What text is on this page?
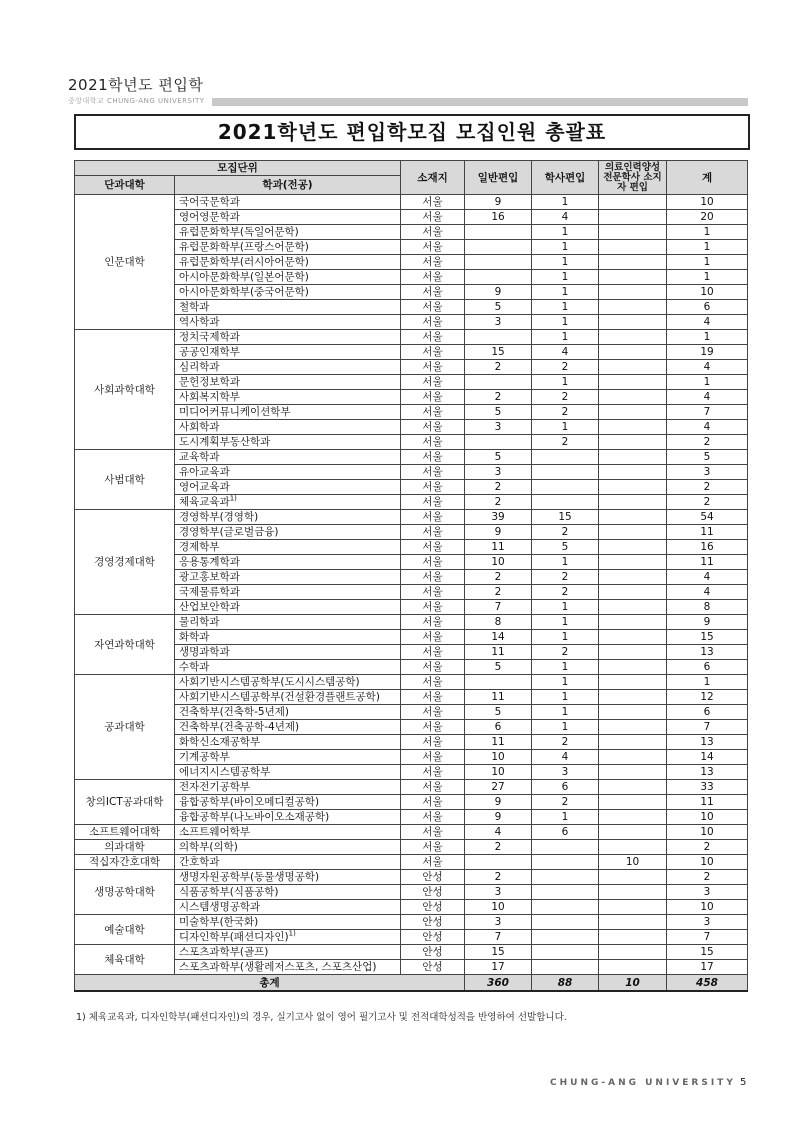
2021학년도 편입학
중앙대학교 CHUNG-ANG UNIVERSITY
2021학년도 편입학모집 모집인원 총괄표
모집단위		소재지	일반편입	학사편입	의료인력양성 전문학사 소지자 편입	계
단과대학	학과(전공)					
인문대학	국어국문학과	서울	9	1		10
	영어영문학과	서울	16	4		20
	유럽문화학부(독일어문학)	서울		1		1
	유럽문화학부(프랑스어문학)	서울		1		1
	유럽문화학부(러시아어문학)	서울		1		1
	아시아문화학부(일본어문학)	서울		1		1
	아시아문화학부(중국어문학)	서울	9	1		10
	철학과	서울	5	1		6
	역사학과	서울	3	1		4
사회과학대학	정치국제학과	서울		1		1
	공공인재학부	서울	15	4		19
	심리학과	서울	2	2		4
	문헌정보학과	서울		1		1
	사회복지학부	서울	2	2		4
	미디어커뮤니케이션학부	서울	5	2		7
	사회학과	서울	3	1		4
	도시계획부동산학과	서울		2		2
사범대학	교육학과	서울	5			5
	유아교육과	서울	3			3
	영어교육과	서울	2			2
	체육교육과$^{1)}$	서울	2			2
경영경제대학	경영학부(경영학)	서울	39	15		54
	경영학부(글로벌금융)	서울	9	2		11
	경제학부	서울	11	5		16
	응용통계학과	서울	10	1		11
	광고홍보학과	서울	2	2		4
	국제물류학과	서울	2	2		4
	산업보안학과	서울	7	1		8
자연과학대학	물리학과	서울	8	1		9
	화학과	서울	14	1		15
	생명과학과	서울	11	2		13
	수학과	서울	5	1		6
공과대학	사회기반시스템공학부(도시시스템공학)	서울		1		1
	사회기반시스템공학부(건설환경플랜트공학)	서울	11	1		12
	건축학부(건축학-5년제)	서울	5	1		6
	건축학부(건축공학-4년제)	서울	6	1		7
	화학신소재공학부	서울	11	2		13
	기계공학부	서울	10	4		14
	에너지시스템공학부	서울	10	3		13
창의ICT공과대학	전자전기공학부	서울	27	6		33
	융합공학부(바이오메디컬공학)	서울	9	2		11
	융합공학부(나노바이오소재공학)	서울	9	1		10
소프트웨어대학	소프트웨어학부	서울	4	6		10
의과대학	의학부(의학)	서울	2			2
적십자간호대학	간호학과	서울			10	10
생명공학대학	생명자원공학부(동물생명공학)	안성	2			2
	식품공학부(식품공학)	안성	3			3
	시스템생명공학과	안성	10			10
예술대학	미술학부(한국화)	안성	3			3
	디자인학부(패션디자인)$^{1)}$	안성	7			7
체육대학	스포츠과학부(골프)	안성	15			15
	스포츠과학부(생활레저스포츠, 스포츠산업)	안성	17			17
총계			360	88	10	458
1) 체육교육과, 디자인학부(패션디자인)의 경우, 실기고사 없이 영어 필기고사 및 전적대학성적을 반영하여 선발합니다.
CHUNG-ANG UNIVERSITY 5
